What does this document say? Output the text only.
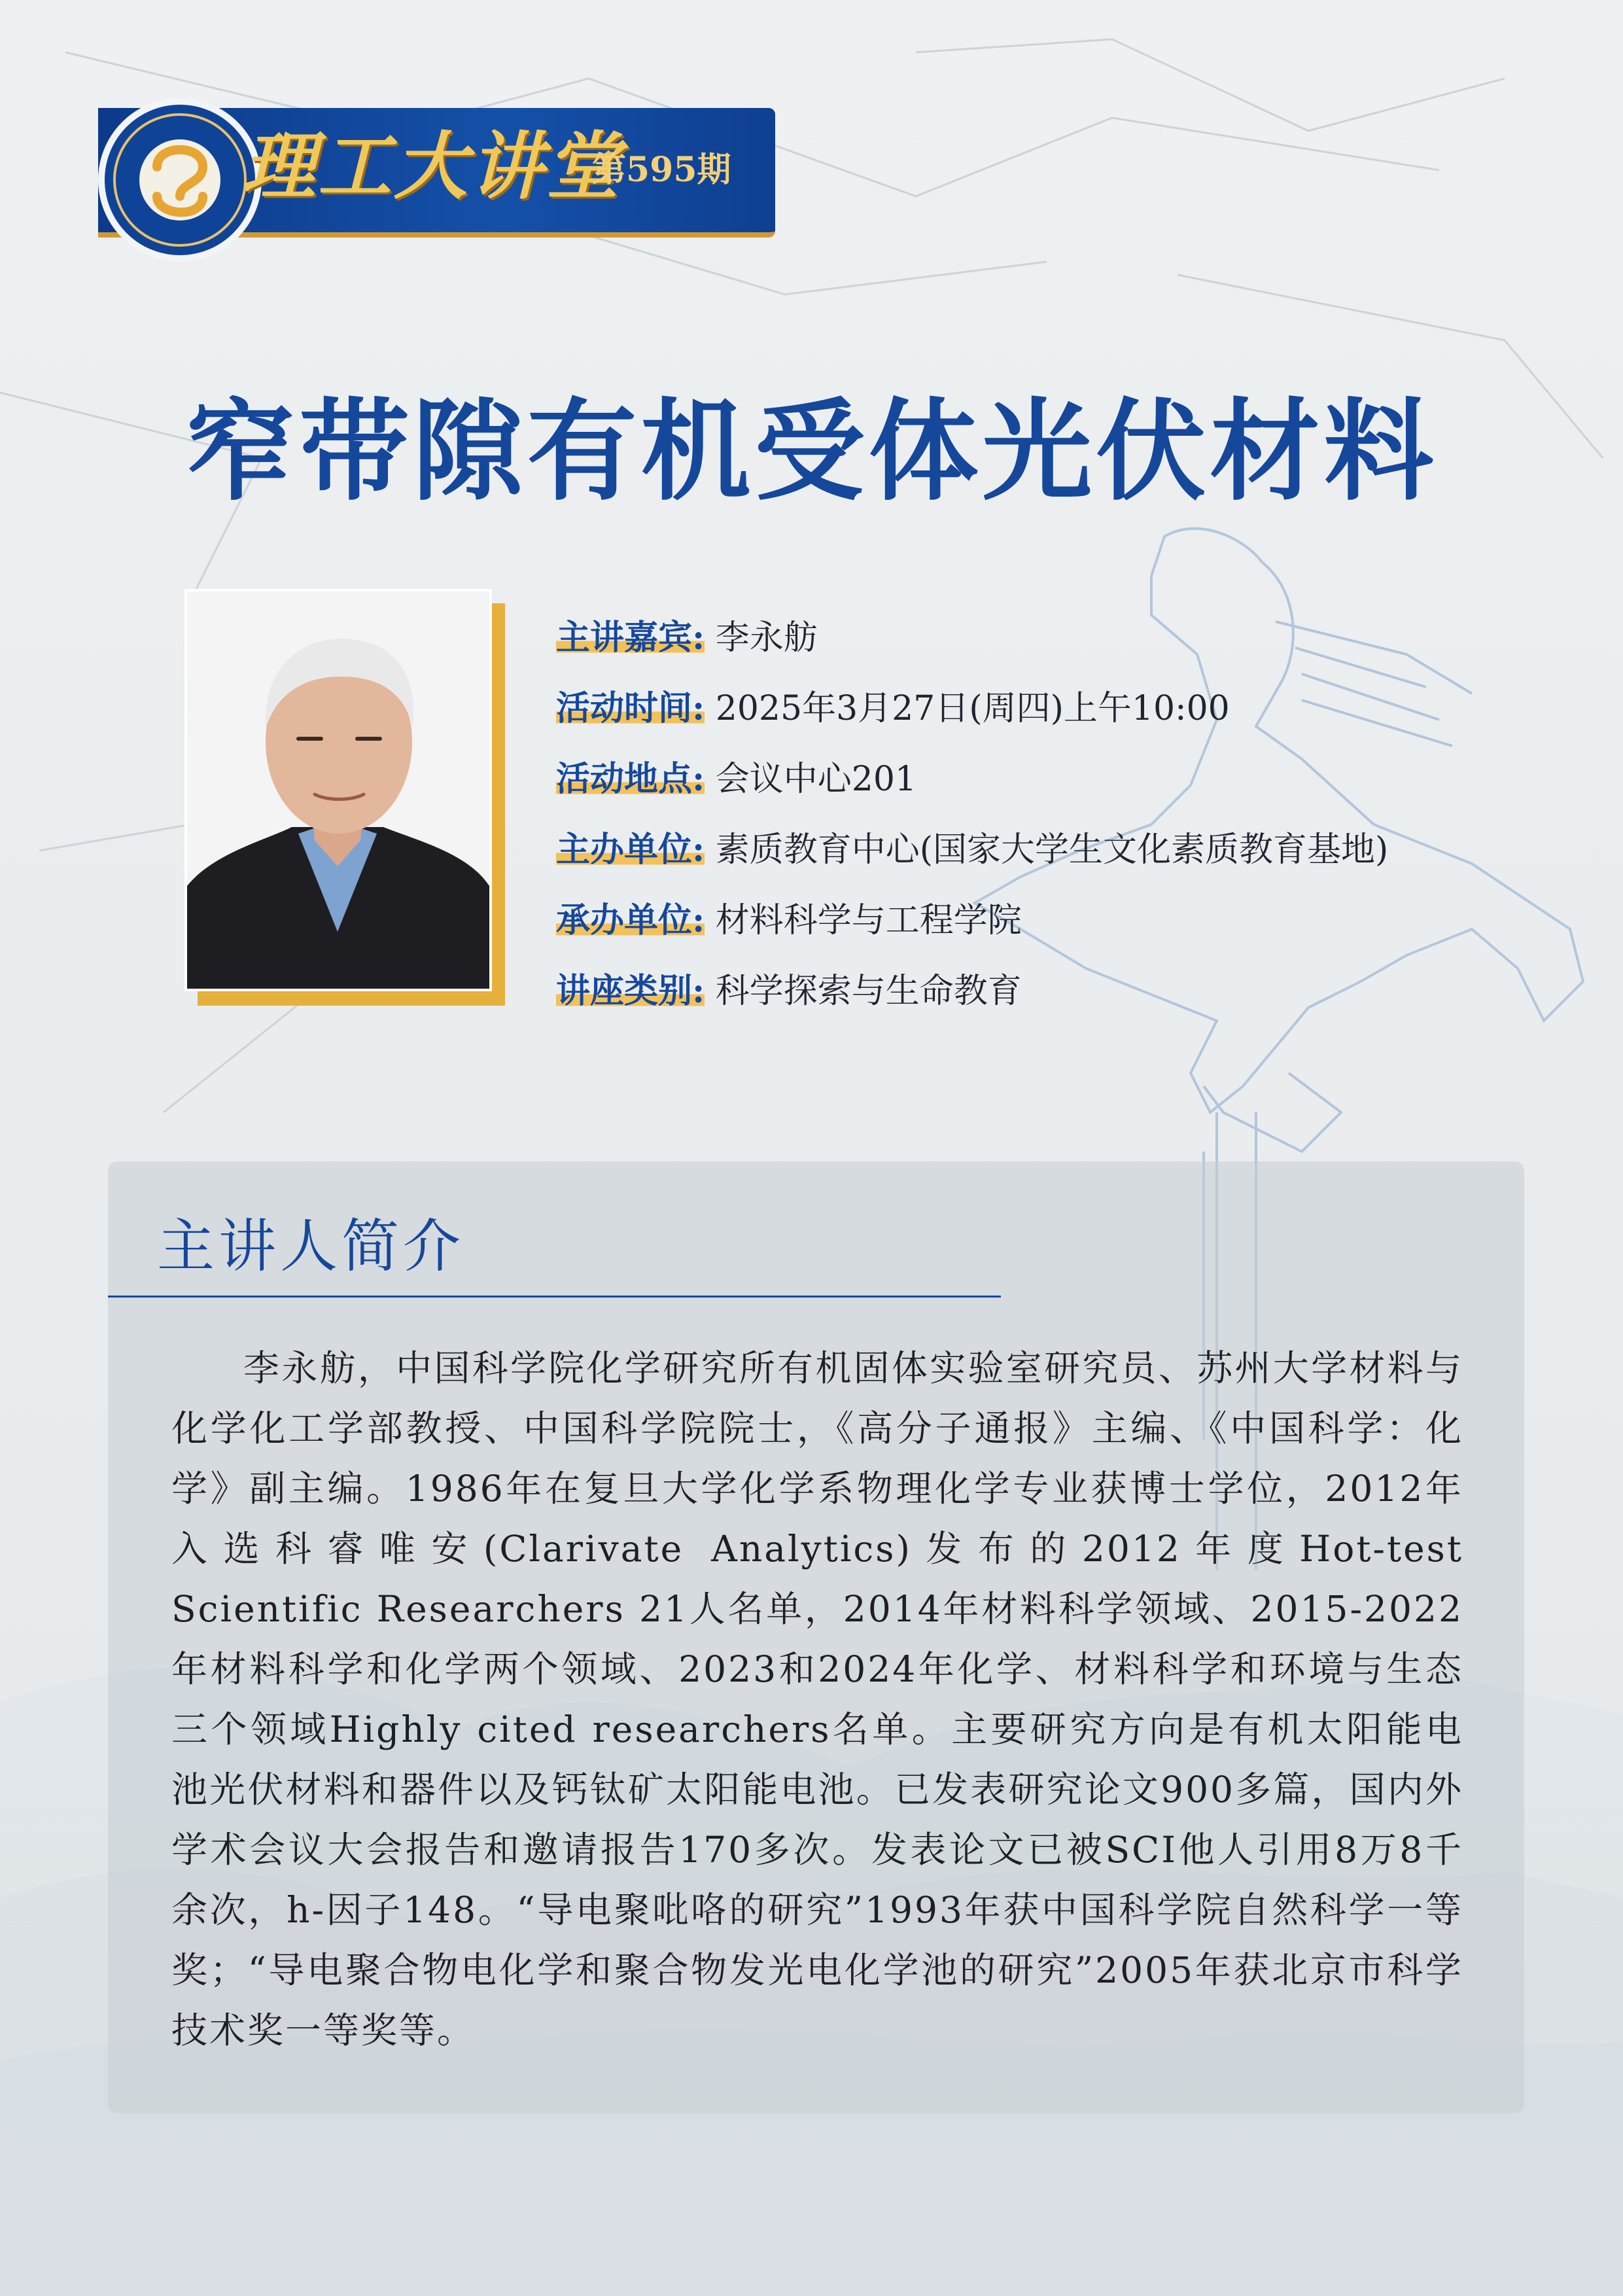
理工大讲堂
第595期
窄带隙有机受体光伏材料
主讲嘉宾: 李永舫
活动时间: 2025年3月27日(周四)上午10:00
活动地点: 会议中心201
主办单位: 素质教育中心(国家大学生文化素质教育基地)
承办单位: 材料科学与工程学院
讲座类别: 科学探索与生命教育
主讲人简介

李永舫，中国科学院化学研究所有机固体实验室研究员、苏州大学材料与化学化工学部教授、中国科学院院士，《高分子通报》主编、《中国科学：化学》副主编。1986年在复旦大学化学系物理化学专业获博士学位，2012年入选科睿唯安(Clarivate Analytics)发布的2012年度Hot-test Scientific Researchers 21人名单，2014年材料科学领域、2015-2022年材料科学和化学两个领域、2023和2024年化学、材料科学和环境与生态三个领域Highly cited researchers名单。主要研究方向是有机太阳能电池光伏材料和器件以及钙钛矿太阳能电池。已发表研究论文900多篇，国内外学术会议大会报告和邀请报告170多次。发表论文已被SCI他人引用8万8千余次，h-因子148。“导电聚吡咯的研究”1993年获中国科学院自然科学一等奖；“导电聚合物电化学和聚合物发光电化学池的研究”2005年获北京市科学技术奖一等奖等。
